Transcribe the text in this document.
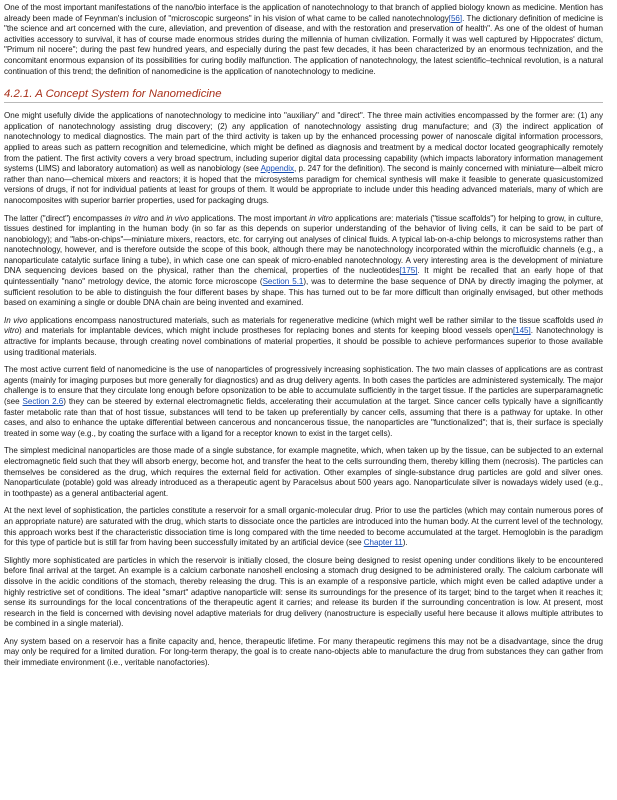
One of the most important manifestations of the nano/bio interface is the application of nanotechnology to that branch of applied biology known as medicine. Mention has already been made of Feynman's inclusion of "microscopic surgeons" in his vision of what came to be called nanotechnology[56]. The dictionary definition of medicine is "the science and art concerned with the cure, alleviation, and prevention of disease, and with the restoration and preservation of health". As one of the oldest of human activities accessory to survival, it has of course made enormous strides during the millennia of human civilization. Formally it was well captured by Hippocrates' dictum, "Primum nil nocere"; during the past few hundred years, and especially during the past few decades, it has been characterized by an enormous technization, and the concomitant enormous expansion of its possibilities for curing bodily malfunction. The application of nanotechnology, the latest scientific–technical revolution, is a natural continuation of this trend; the definition of nanomedicine is the application of nanotechnology to medicine.

4.2.1. A Concept System for Nanomedicine

One might usefully divide the applications of nanotechnology to medicine into "auxiliary" and "direct". The three main activities encompassed by the former are: (1) any application of nanotechnology assisting drug discovery; (2) any application of nanotechnology assisting drug manufacture; and (3) the indirect application of nanotechnology to medical diagnostics. The main part of the third activity is taken up by the enhanced processing power of nanoscale digital information processors, applied to areas such as pattern recognition and telemedicine, which might be defined as diagnosis and treatment by a medical doctor located geographically remotely from the patient. The first activity covers a very broad spectrum, including superior digital data processing capability (which impacts laboratory information management systems (LIMS) and laboratory automation) as well as nanobiology (see Appendix, p. 247 for the definition). The second is mainly concerned with miniature—albeit micro rather than nano—chemical mixers and reactors; it is hoped that the microsystems paradigm for chemical synthesis will make it feasible to generate quasicustomized versions of drugs, if not for individual patients at least for groups of them. It would be appropriate to include under this heading advanced materials, many of which are nanocomposites with superior barrier properties, used for packaging drugs.

The latter ("direct") encompasses in vitro and in vivo applications. The most important in vitro applications are: materials ("tissue scaffolds") for helping to grow, in culture, tissues destined for implanting in the human body (in so far as this depends on superior understanding of the behavior of living cells, it can be said to be part of nanobiology); and "labs-on-chips"—miniature mixers, reactors, etc. for carrying out analyses of clinical fluids. A typical lab-on-a-chip belongs to microsystems rather than nanotechnology, however, and is therefore outside the scope of this book, although there may be nanotechnology incorporated within the microfluidic channels (e.g., a nanoparticulate catalytic surface lining a tube), in which case one can speak of micro-enabled nanotechnology. A very interesting area is the development of miniature DNA sequencing devices based on the physical, rather than the chemical, properties of the nucleotides[175]. It might be recalled that an early hope of that quintessentially "nano" metrology device, the atomic force microscope (Section 5.1), was to determine the base sequence of DNA by directly imaging the polymer, at sufficient resolution to be able to distinguish the four different bases by shape. This has turned out to be far more difficult than originally envisaged, but other methods based on examining a single or double DNA chain are being invented and examined.

In vivo applications encompass nanostructured materials, such as materials for regenerative medicine (which might well be rather similar to the tissue scaffolds used in vitro) and materials for implantable devices, which might include prostheses for replacing bones and stents for keeping blood vessels open[145]. Nanotechnology is attractive for implants because, through creating novel combinations of material properties, it should be possible to achieve performances superior to those available using traditional materials.

The most active current field of nanomedicine is the use of nanoparticles of progressively increasing sophistication. The two main classes of applications are as contrast agents (mainly for imaging purposes but more generally for diagnostics) and as drug delivery agents. In both cases the particles are administered systemically. The major challenge is to ensure that they circulate long enough before opsonization to be able to accumulate sufficiently in the target tissue. If the particles are superparamagnetic (see Section 2.6) they can be steered by external electromagnetic fields, accelerating their accumulation at the target. Since cancer cells typically have a significantly faster metabolic rate than that of host tissue, substances will tend to be taken up preferentially by cancer cells, assuming that there is a pathway for uptake. In other cases, and also to enhance the uptake differential between cancerous and noncancerous tissue, the nanoparticles are "functionalized"; that is, their surface is specially treated in some way (e.g., by coating the surface with a ligand for a receptor known to exist in the target cells).

The simplest medicinal nanoparticles are those made of a single substance, for example magnetite, which, when taken up by the tissue, can be subjected to an external electromagnetic field such that they will absorb energy, become hot, and transfer the heat to the cells surrounding them, thereby killing them (necrosis). The particles can themselves be considered as the drug, which requires the external field for activation. Other examples of single-substance drug particles are gold and silver ones. Nanoparticulate (potable) gold was already introduced as a therapeutic agent by Paracelsus about 500 years ago. Nanoparticulate silver is nowadays widely used (e.g., in toothpaste) as a general antibacterial agent.

At the next level of sophistication, the particles constitute a reservoir for a small organic-molecular drug. Prior to use the particles (which may contain numerous pores of an appropriate nature) are saturated with the drug, which starts to dissociate once the particles are introduced into the human body. At the current level of the technology, this approach works best if the characteristic dissociation time is long compared with the time needed to become accumulated at the target. Hemoglobin is the paradigm for this type of particle but is still far from having been successfully imitated by an artificial device (see Chapter 11).

Slightly more sophisticated are particles in which the reservoir is initially closed, the closure being designed to resist opening under conditions likely to be encountered before final arrival at the target. An example is a calcium carbonate nanoshell enclosing a stomach drug designed to be administered orally. The calcium carbonate will dissolve in the acidic conditions of the stomach, thereby releasing the drug. This is an example of a responsive particle, which might even be called adaptive under a highly restrictive set of conditions. The ideal "smart" adaptive nanoparticle will: sense its surroundings for the presence of its target; bind to the target when it reaches it; sense its surroundings for the local concentrations of the therapeutic agent it carries; and release its burden if the surrounding concentration is low. At present, most research in the field is concerned with devising novel adaptive materials for drug delivery (nanostructure is especially useful here because it allows multiple attributes to be combined in a single material).

Any system based on a reservoir has a finite capacity and, hence, therapeutic lifetime. For many therapeutic regimens this may not be a disadvantage, since the drug may only be required for a limited duration. For long-term therapy, the goal is to create nano-objects able to manufacture the drug from substances they can gather from their immediate environment (i.e., veritable nanofactories).
